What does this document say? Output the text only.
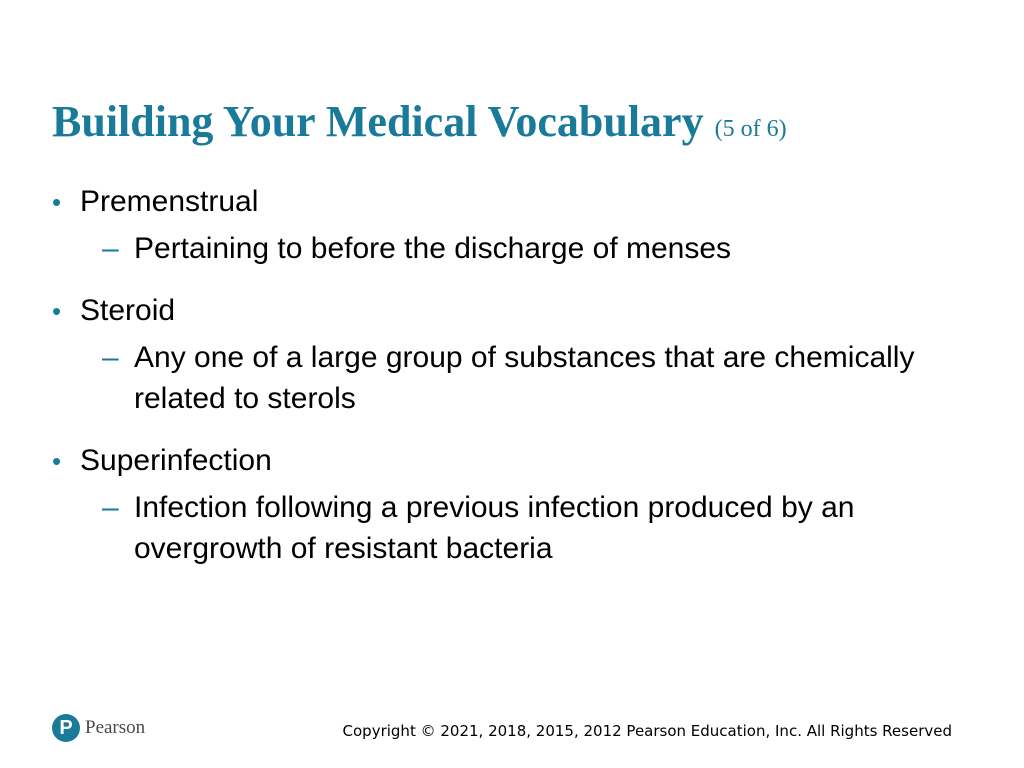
Building Your Medical Vocabulary (5 of 6)
• Premenstrual
– Pertaining to before the discharge of menses
• Steroid
– Any one of a large group of substances that are chemically related to sterols
• Superinfection
– Infection following a previous infection produced by an overgrowth of resistant bacteria
P Pearson	Copyright © 2021, 2018, 2015, 2012 Pearson Education, Inc. All Rights Reserved
